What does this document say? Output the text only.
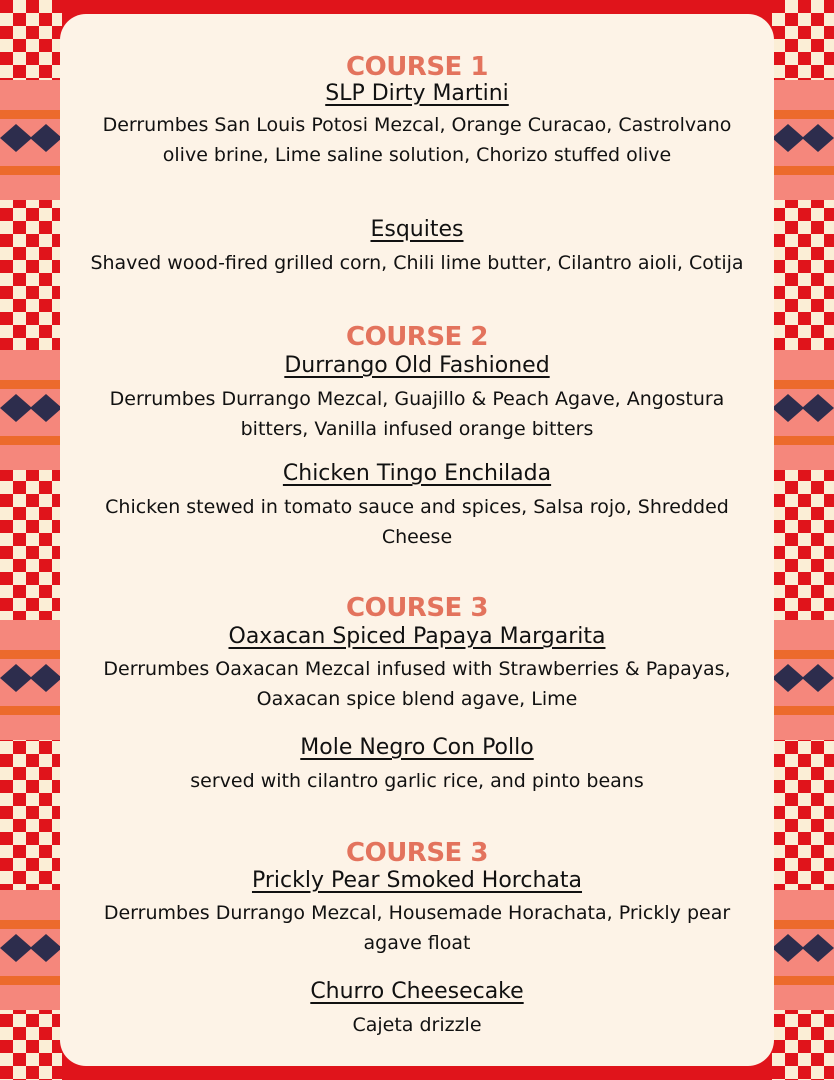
COURSE 1
SLP Dirty Martini
Derrumbes San Louis Potosi Mezcal, Orange Curacao, Castrolvano olive brine, Lime saline solution, Chorizo stuffed olive
Esquites
Shaved wood-fired grilled corn, Chili lime butter, Cilantro aioli, Cotija
COURSE 2
Durrango Old Fashioned
Derrumbes Durrango Mezcal, Guajillo & Peach Agave, Angostura bitters, Vanilla infused orange bitters
Chicken Tingo Enchilada
Chicken stewed in tomato sauce and spices, Salsa rojo, Shredded Cheese
COURSE 3
Oaxacan Spiced Papaya Margarita
Derrumbes Oaxacan Mezcal infused with Strawberries & Papayas, Oaxacan spice blend agave, Lime
Mole Negro Con Pollo
served with cilantro garlic rice, and pinto beans
COURSE 3
Prickly Pear Smoked Horchata
Derrumbes Durrango Mezcal, Housemade Horachata, Prickly pear agave float
Churro Cheesecake
Cajeta drizzle
